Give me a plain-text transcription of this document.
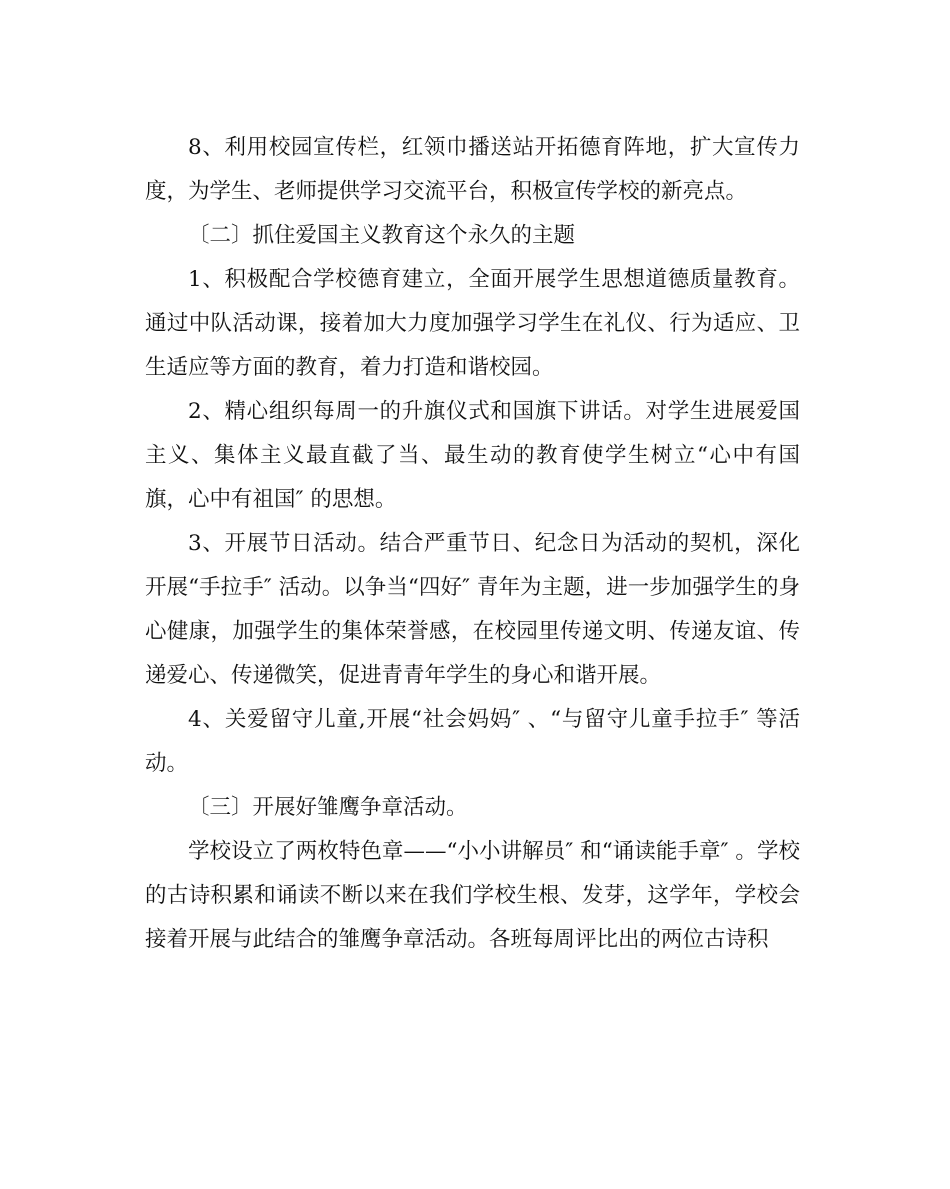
8、利用校园宣传栏，红领巾播送站开拓德育阵地，扩大宣传力度，为学生、老师提供学习交流平台，积极宣传学校的新亮点。

〔二〕抓住爱国主义教育这个永久的主题

1、积极配合学校德育建立，全面开展学生思想道德质量教育。通过中队活动课，接着加大力度加强学习学生在礼仪、行为适应、卫生适应等方面的教育，着力打造和谐校园。

2、精心组织每周一的升旗仪式和国旗下讲话。对学生进展爱国主义、集体主义最直截了当、最生动的教育使学生树立“心中有国旗，心中有祖国″ 的思想。

3、开展节日活动。结合严重节日、纪念日为活动的契机，深化开展“手拉手″ 活动。以争当“四好″ 青年为主题，进一步加强学生的身心健康，加强学生的集体荣誉感，在校园里传递文明、传递友谊、传递爱心、传递微笑，促进青青年学生的身心和谐开展。

4、关爱留守儿童,开展“社会妈妈″ 、“与留守儿童手拉手″ 等活动。

〔三〕开展好雏鹰争章活动。

学校设立了两枚特色章——“小小讲解员″ 和“诵读能手章″ 。学校的古诗积累和诵读不断以来在我们学校生根、发芽，这学年，学校会接着开展与此结合的雏鹰争章活动。各班每周评比出的两位古诗积
